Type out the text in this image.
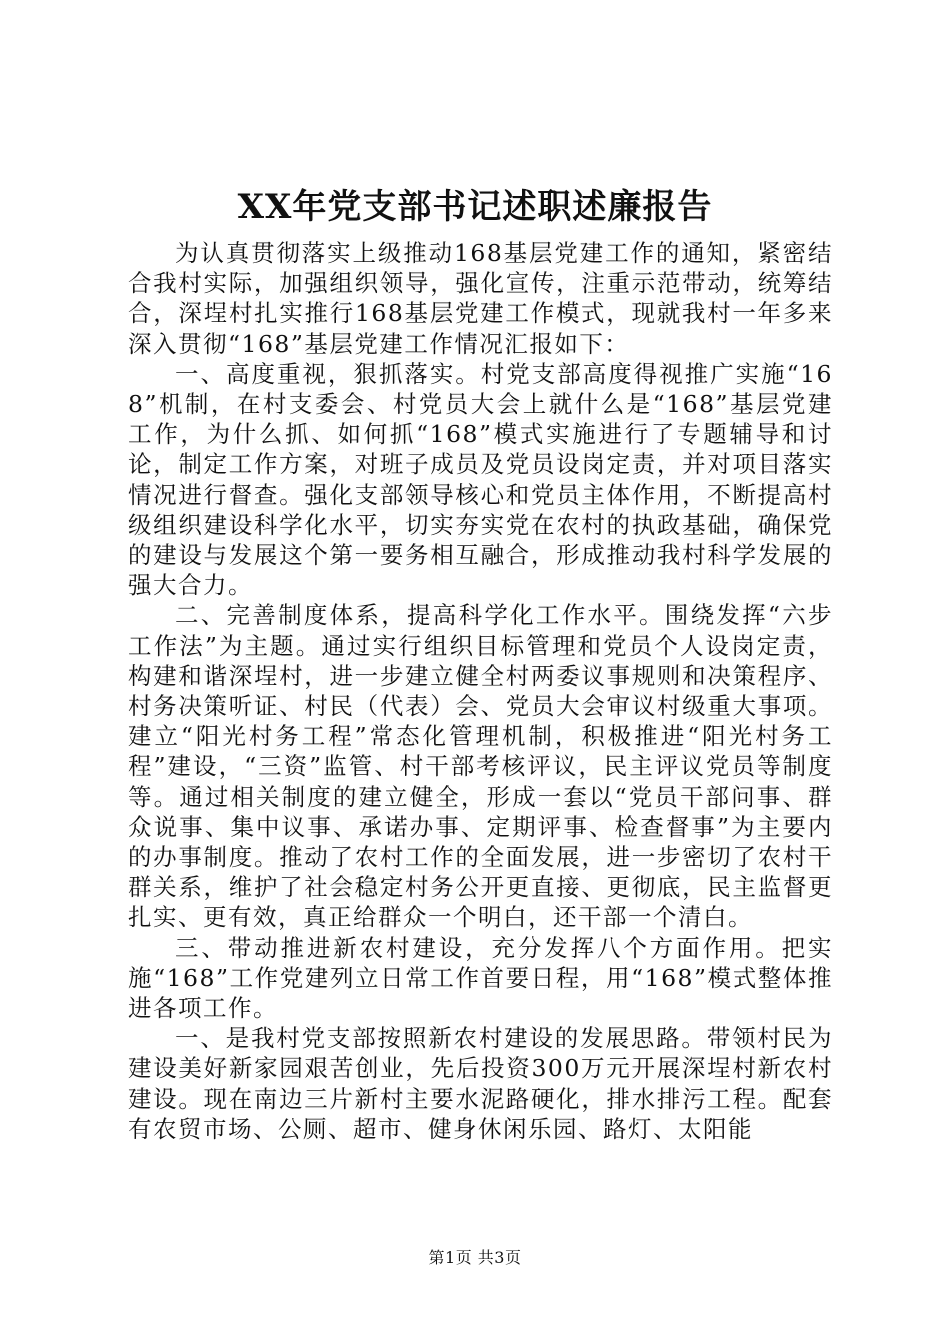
XX年党支部书记述职述廉报告

为认真贯彻落实上级推动168基层党建工作的通知，紧密结合我村实际，加强组织领导，强化宣传，注重示范带动，统筹结合，深埕村扎实推行168基层党建工作模式，现就我村一年多来深入贯彻“168”基层党建工作情况汇报如下：

一、高度重视，狠抓落实。村党支部高度得视推广实施“168”机制，在村支委会、村党员大会上就什么是“168”基层党建工作，为什么抓、如何抓“168”模式实施进行了专题辅导和讨论，制定工作方案，对班子成员及党员设岗定责，并对项目落实情况进行督查。强化支部领导核心和党员主体作用，不断提高村级组织建设科学化水平，切实夯实党在农村的执政基础，确保党的建设与发展这个第一要务相互融合，形成推动我村科学发展的强大合力。

二、完善制度体系，提高科学化工作水平。围绕发挥“六步工作法”为主题。通过实行组织目标管理和党员个人设岗定责，构建和谐深埕村，进一步建立健全村两委议事规则和决策程序、村务决策听证、村民（代表）会、党员大会审议村级重大事项。建立“阳光村务工程”常态化管理机制，积极推进“阳光村务工程”建设，“三资”监管、村干部考核评议，民主评议党员等制度等。通过相关制度的建立健全，形成一套以“党员干部问事、群众说事、集中议事、承诺办事、定期评事、检查督事”为主要内的办事制度。推动了农村工作的全面发展，进一步密切了农村干群关系，维护了社会稳定村务公开更直接、更彻底，民主监督更扎实、更有效，真正给群众一个明白，还干部一个清白。

三、带动推进新农村建设，充分发挥八个方面作用。把实施“168”工作党建列立日常工作首要日程，用“168”模式整体推进各项工作。

一、是我村党支部按照新农村建设的发展思路。带领村民为建设美好新家园艰苦创业，先后投资300万元开展深埕村新农村建设。现在南边三片新村主要水泥路硬化，排水排污工程。配套有农贸市场、公厕、超市、健身休闲乐园、路灯、太阳能

第1页 共3页
